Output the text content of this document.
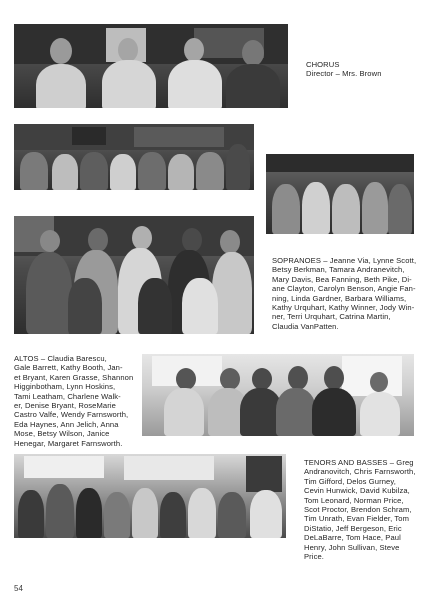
CHORUS
Director – Mrs. Brown
SOPRANOES – Jeanne Via, Lynne Scott,
Betsy Berkman, Tamara Andranevitch,
Mary Davis, Bea Fanning, Beth Pike, Di-
ane Clayton, Carolyn Benson, Angie Fan-
ning, Linda Gardner, Barbara Williams,
Kathy Urquhart, Kathy Winner, Jody Win-
ner, Terri Urquhart, Catrina Martin,
Claudia VanPatten.
ALTOS – Claudia Barescu,
Gale Barrett, Kathy Booth, Jan-
et Bryant, Karen Grasse, Shannon
Higginbotham, Lynn Hoskins,
Tami Leatham, Charlene Walk-
er, Denise Bryant, RoseMarie
Castro Valfe, Wendy Farnsworth,
Eda Haynes, Ann Jelich, Anna
Mose, Betsy Wilson, Janice
Henegar, Margaret Farnsworth.
TENORS AND BASSES – Greg
Andranovitch, Chris Farnsworth,
Tim Gifford, Delos Gurney,
Cevin Hunwick, David Kubilza,
Tom Leonard, Norman Price,
Scot Proctor, Brendon Schram,
Tim Unrath, Evan Fielder, Tom
DiStatio, Jeff Bergeson, Eric
DeLaBarre, Tom Hace, Paul
Henry, John Sullivan, Steve
Price.
54
